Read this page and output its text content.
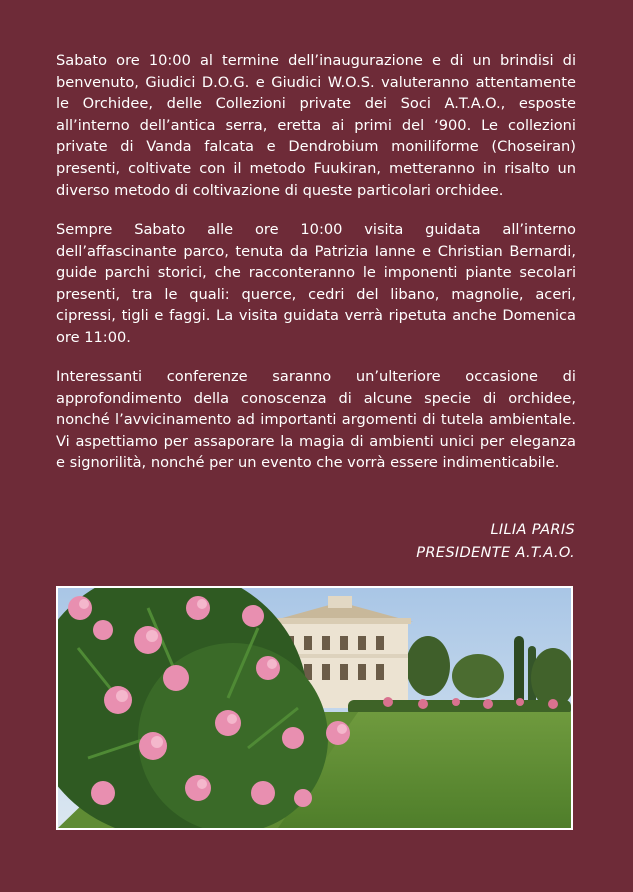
Sabato ore 10:00 al termine dell’inaugurazione e di un brindisi di benvenuto, Giudici D.O.G. e Giudici W.O.S. valuteranno attentamente le Orchidee, delle Collezioni private dei Soci A.T.A.O., esposte all’interno dell’antica serra, eretta ai primi del ‘900. Le collezioni private di Vanda falcata e Dendrobium moniliforme (Choseiran) presenti, coltivate con il metodo Fuukiran, metteranno in risalto un diverso metodo di coltivazione di queste particolari orchidee.

Sempre Sabato alle ore 10:00 visita guidata all’interno dell’affascinante parco, tenuta da Patrizia Ianne e Christian Bernardi, guide parchi storici, che racconteranno le imponenti piante secolari presenti, tra le quali: querce, cedri del libano, magnolie, aceri, cipressi, tigli e faggi. La visita guidata verrà ripetuta anche Domenica ore 11:00.

Interessanti conferenze saranno un’ulteriore occasione di approfondimento della conoscenza di alcune specie di orchidee, nonché l’avvicinamento ad importanti argomenti di tutela ambientale. Vi aspettiamo per assaporare la magia di ambienti unici per eleganza e signorilità, nonché per un evento che vorrà essere indimenticabile.

LILIA PARIS
PRESIDENTE A.T.A.O.
